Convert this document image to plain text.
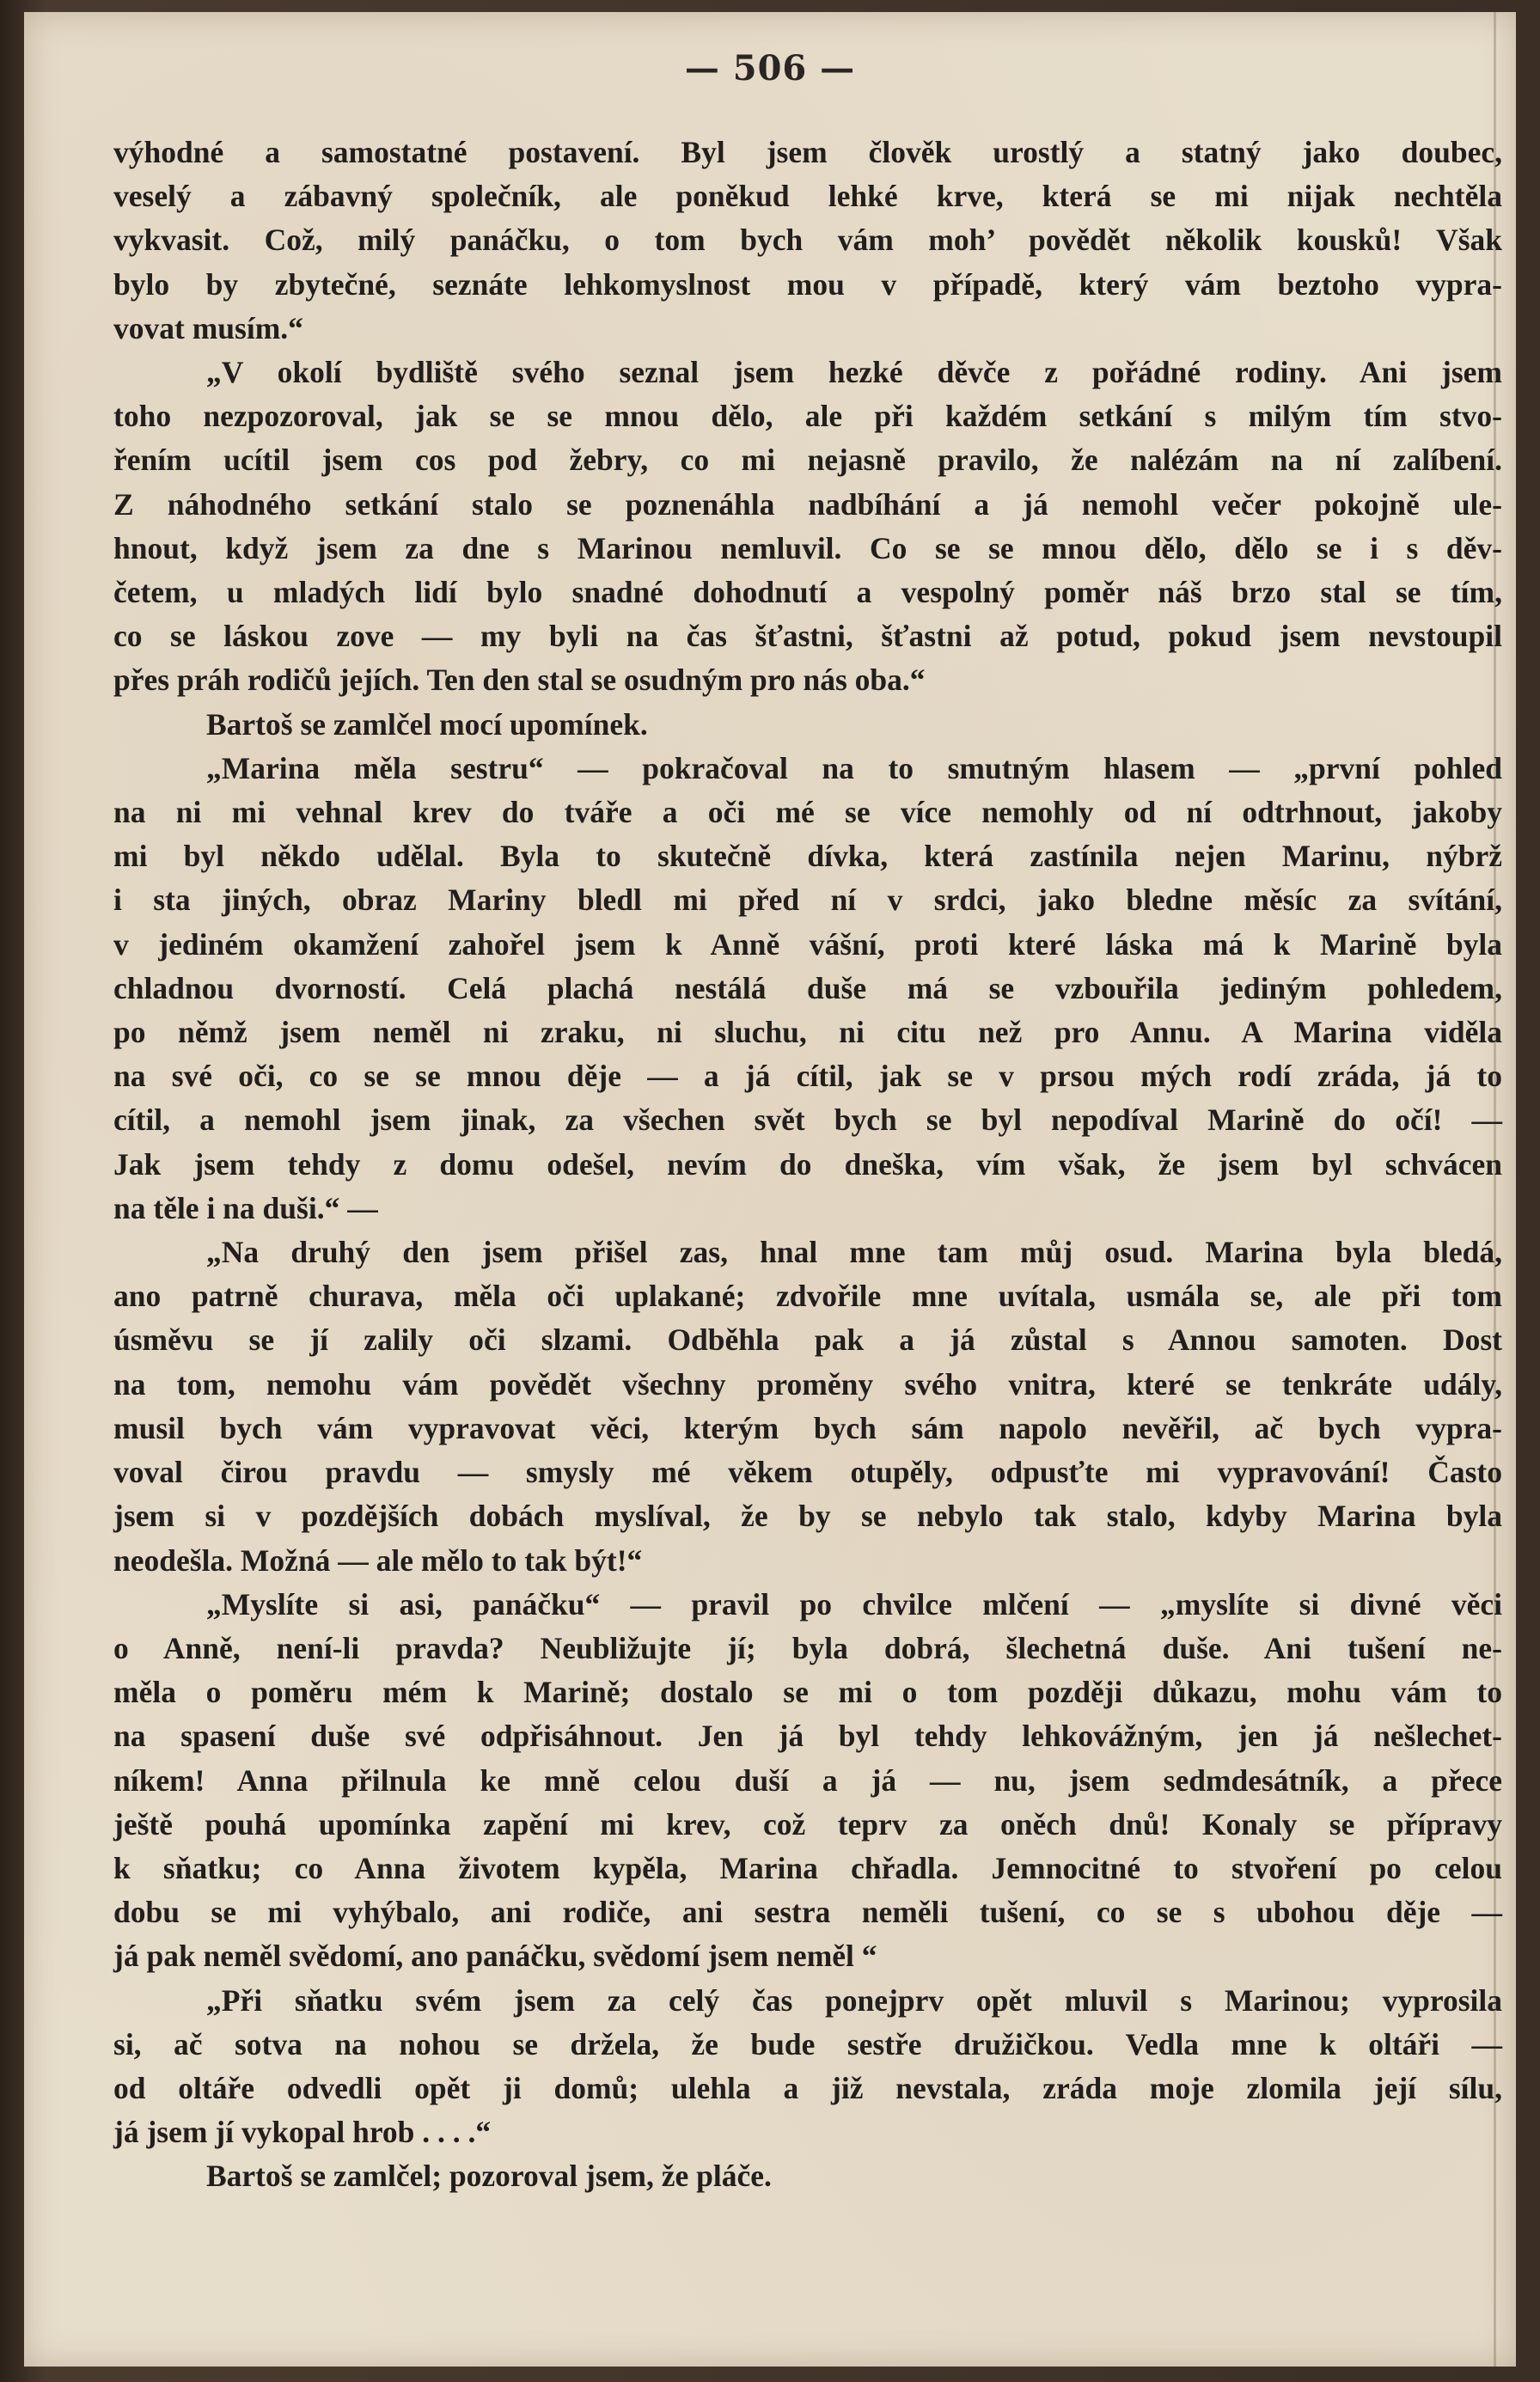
— 506 —
výhodné a samostatné postavení. Byl jsem člověk urostlý a statný jako doubec,
veselý a zábavný společník, ale poněkud lehké krve, která se mi nijak nechtěla
vykvasit. Což, milý panáčku, o tom bych vám moh’ povědět několik kousků! Však
bylo by zbytečné, seznáte lehkomyslnost mou v případě, který vám beztoho vypra-
vovat musím.“
„V okolí bydliště svého seznal jsem hezké děvče z pořádné rodiny. Ani jsem
toho nezpozoroval, jak se se mnou dělo, ale při každém setkání s milým tím stvo-
řením ucítil jsem cos pod žebry, co mi nejasně pravilo, že nalézám na ní zalíbení.
Z náhodného setkání stalo se poznenáhla nadbíhání a já nemohl večer pokojně ule-
hnout, když jsem za dne s Marinou nemluvil. Co se se mnou dělo, dělo se i s děv-
četem, u mladých lidí bylo snadné dohodnutí a vespolný poměr náš brzo stal se tím,
co se láskou zove — my byli na čas šťastni, šťastni až potud, pokud jsem nevstoupil
přes práh rodičů jejích. Ten den stal se osudným pro nás oba.“
Bartoš se zamlčel mocí upomínek.
„Marina měla sestru“ — pokračoval na to smutným hlasem — „první pohled
na ni mi vehnal krev do tváře a oči mé se více nemohly od ní odtrhnout, jakoby
mi byl někdo udělal. Byla to skutečně dívka, která zastínila nejen Marinu, nýbrž
i sta jiných, obraz Mariny bledl mi před ní v srdci, jako bledne měsíc za svítání,
v jediném okamžení zahořel jsem k Anně vášní, proti které láska má k Marině byla
chladnou dvorností. Celá plachá nestálá duše má se vzbouřila jediným pohledem,
po němž jsem neměl ni zraku, ni sluchu, ni citu než pro Annu. A Marina viděla
na své oči, co se se mnou děje — a já cítil, jak se v prsou mých rodí zráda, já to
cítil, a nemohl jsem jinak, za všechen svět bych se byl nepodíval Marině do očí! —
Jak jsem tehdy z domu odešel, nevím do dneška, vím však, že jsem byl schvácen
na těle i na duši.“ —
„Na druhý den jsem přišel zas, hnal mne tam můj osud. Marina byla bledá,
ano patrně churava, měla oči uplakané; zdvořile mne uvítala, usmála se, ale při tom
úsměvu se jí zalily oči slzami. Odběhla pak a já zůstal s Annou samoten. Dost
na tom, nemohu vám povědět všechny proměny svého vnitra, které se tenkráte udály,
musil bych vám vypravovat věci, kterým bych sám napolo nevěřil, ač bych vypra-
voval čirou pravdu — smysly mé věkem otupěly, odpusťte mi vypravování! Často
jsem si v pozdějších dobách myslíval, že by se nebylo tak stalo, kdyby Marina byla
neodešla. Možná — ale mělo to tak být!“
„Myslíte si asi, panáčku“ — pravil po chvilce mlčení — „myslíte si divné věci
o Anně, není-li pravda? Neubližujte jí; byla dobrá, šlechetná duše. Ani tušení ne-
měla o poměru mém k Marině; dostalo se mi o tom později důkazu, mohu vám to
na spasení duše své odpřisáhnout. Jen já byl tehdy lehkovážným, jen já nešlechet-
níkem! Anna přilnula ke mně celou duší a já — nu, jsem sedmdesátník, a přece
ještě pouhá upomínka zapění mi krev, což teprv za oněch dnů! Konaly se přípravy
k sňatku; co Anna životem kypěla, Marina chřadla. Jemnocitné to stvoření po celou
dobu se mi vyhýbalo, ani rodiče, ani sestra neměli tušení, co se s ubohou děje —
já pak neměl svědomí, ano panáčku, svědomí jsem neměl “
„Při sňatku svém jsem za celý čas ponejprv opět mluvil s Marinou; vyprosila
si, ač sotva na nohou se držela, že bude sestře družičkou. Vedla mne k oltáři —
od oltáře odvedli opět ji domů; ulehla a již nevstala, zráda moje zlomila její sílu,
já jsem jí vykopal hrob . . . .“
Bartoš se zamlčel; pozoroval jsem, že pláče.
